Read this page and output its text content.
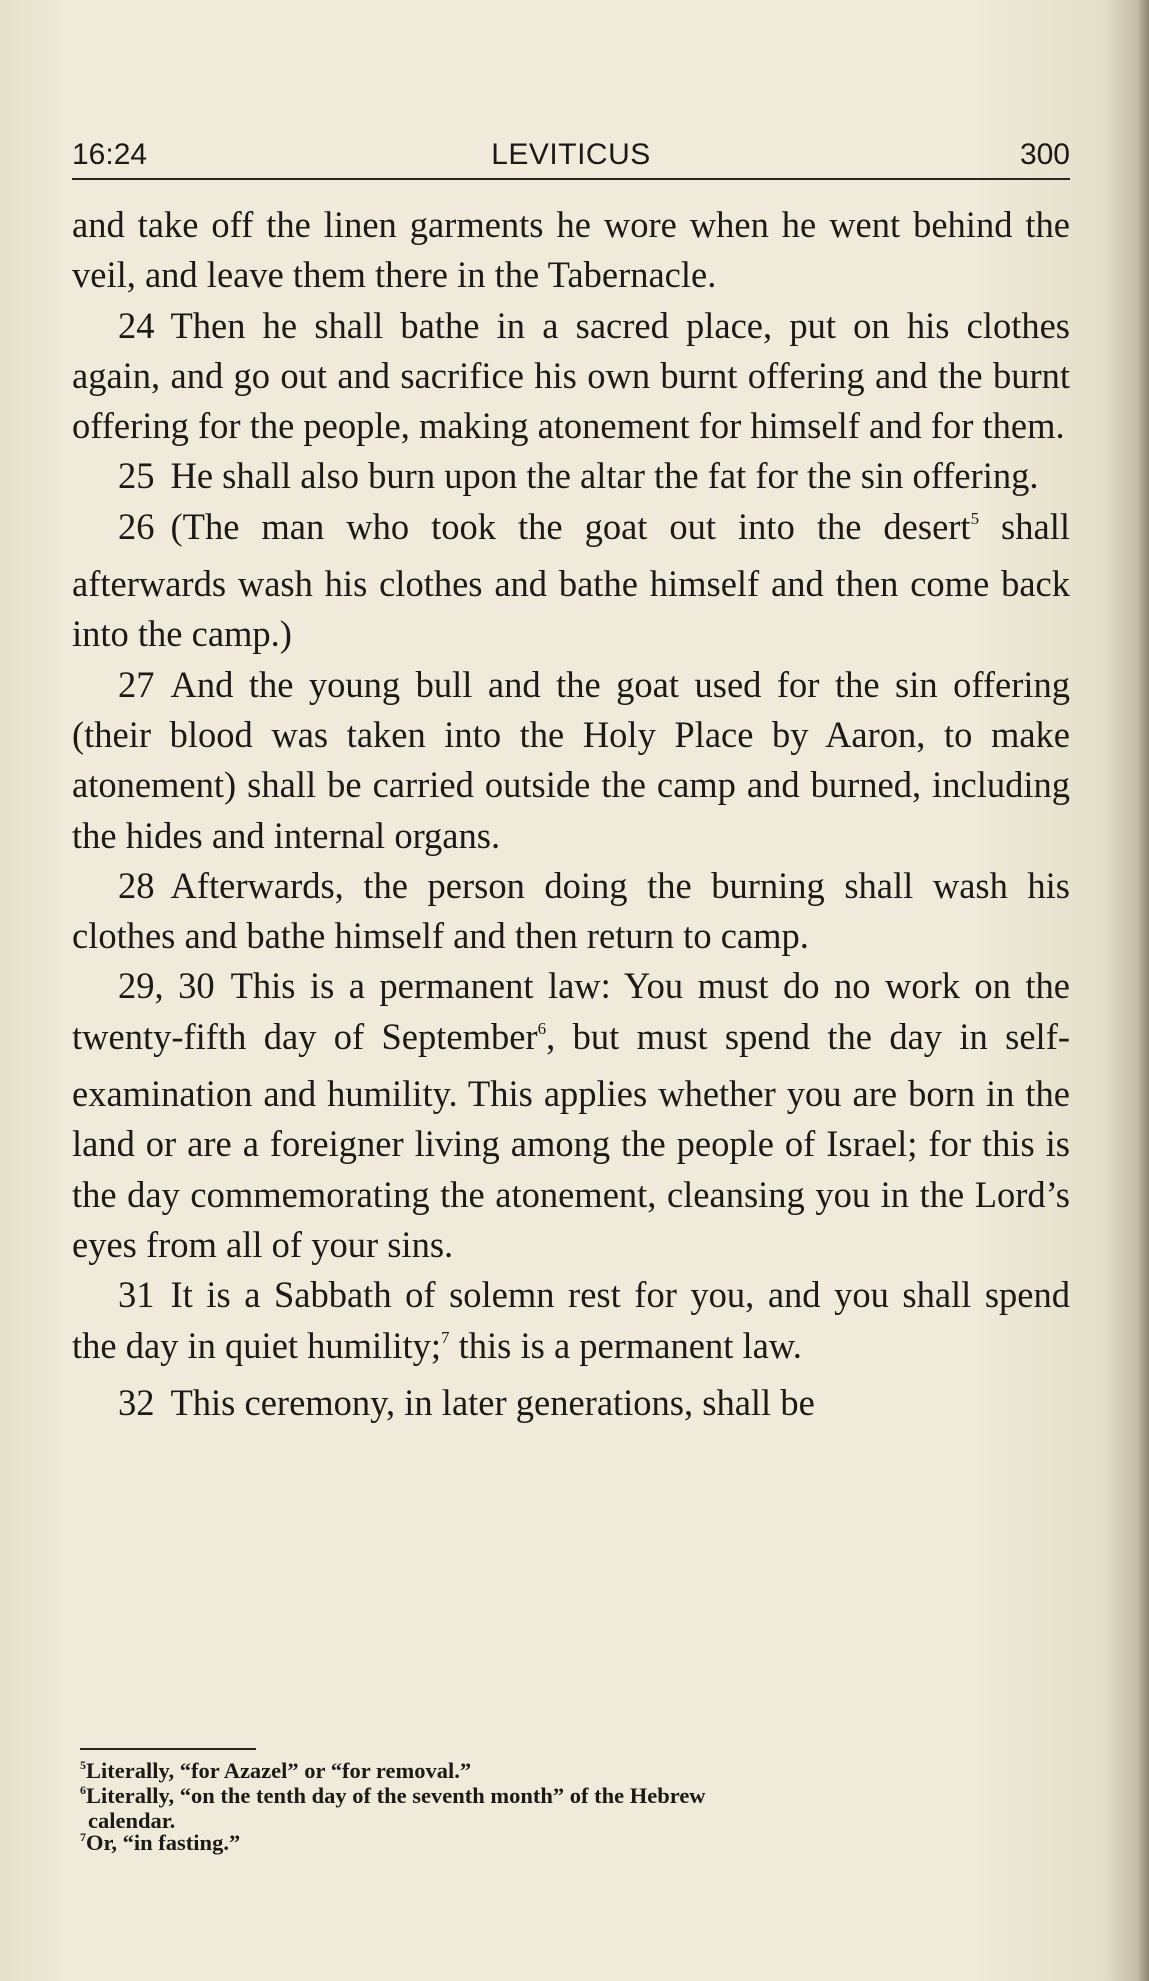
16:24	LEVITICUS	300

and take off the linen garments he wore when he went behind the veil, and leave them there in the Tabernacle.

24 Then he shall bathe in a sacred place, put on his clothes again, and go out and sacrifice his own burnt offering and the burnt offering for the people, making atonement for himself and for them.

25 He shall also burn upon the altar the fat for the sin offering.

26 (The man who took the goat out into the desert$^5$ shall afterwards wash his clothes and bathe himself and then come back into the camp.)

27 And the young bull and the goat used for the sin offering (their blood was taken into the Holy Place by Aaron, to make atonement) shall be carried outside the camp and burned, including the hides and internal organs.

28 Afterwards, the person doing the burning shall wash his clothes and bathe himself and then return to camp.

29, 30 This is a permanent law: You must do no work on the twenty-fifth day of September$^6$, but must spend the day in self-examination and humility. This applies whether you are born in the land or are a foreigner living among the people of Israel; for this is the day commemorating the atonement, cleansing you in the Lord’s eyes from all of your sins.

31 It is a Sabbath of solemn rest for you, and you shall spend the day in quiet humility;$^7$ this is a permanent law.

32 This ceremony, in later generations, shall be

$^5$Literally, “for Azazel” or “for removal.”

$^6$Literally, “on the tenth day of the seventh month” of the Hebrew

calendar.

$^7$Or, “in fasting.”
